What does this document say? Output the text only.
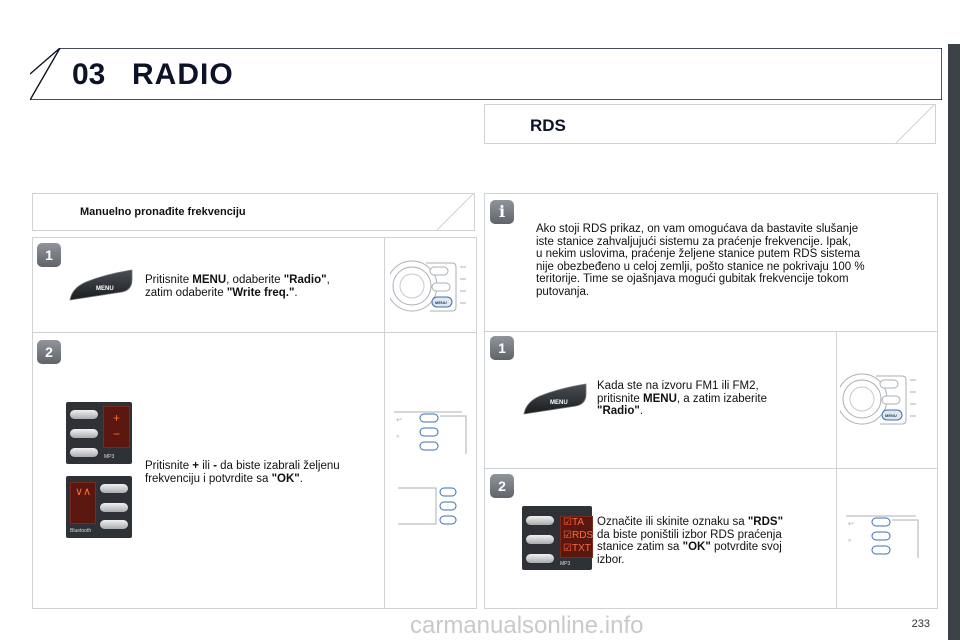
03 RADIO
RDS
Manuelno pronađite frekvenciju
1
MENU
Pritisnite MENU, odaberite "Radio",
zatim odaberite "Write freq.".
MENU
2
+
−
MP3
∨∧
Bluetooth
Pritisnite + ili - da biste izabrali željenu
frekvenciju i potvrdite sa "OK".
↩
»
i
Ako stoji RDS prikaz, on vam omogućava da bastavite slušanje
iste stanice zahvaljujući sistemu za praćenje frekvencije. Ipak,
u nekim uslovima, praćenje željene stanice putem RDS sistema
nije obezbeđeno u celoj zemlji, pošto stanice ne pokrivaju 100 %
teritorije. Time se ojašnjava mogući gubitak frekvencije tokom
putovanja.
1
MENU
Kada ste na izvoru FM1 ili FM2,
pritisnite MENU, a zatim izaberite
"Radio".	MENU
2
☑TA
☑RDS
☑TXT
MP3
Označite ili skinite oznaku sa "RDS"
da biste poništili izbor RDS praćenja
stanice zatim sa "OK" potvrdite svoj
izbor.
↩
»
233
carmanualsonline.info
